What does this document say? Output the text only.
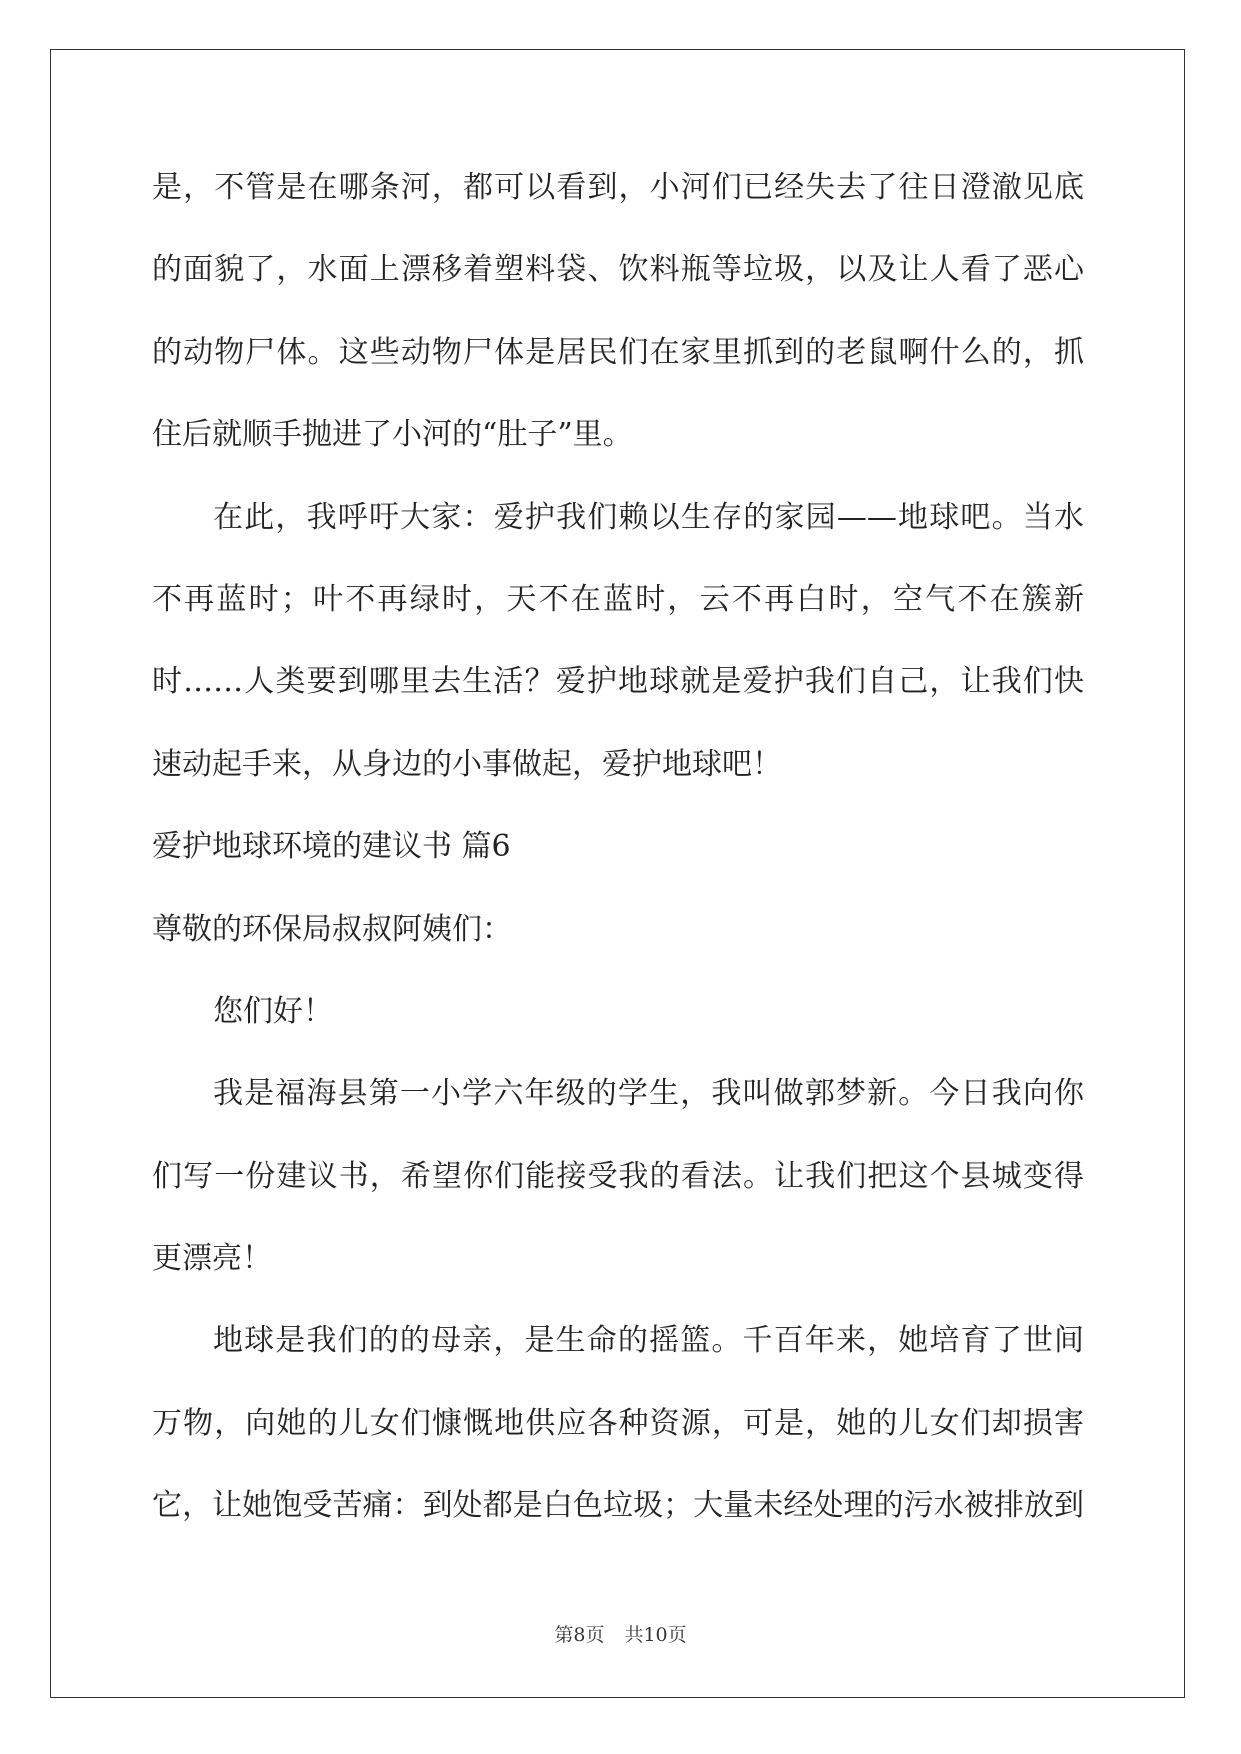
是，不管是在哪条河，都可以看到，小河们已经失去了往日澄澈见底
的面貌了，水面上漂移着塑料袋、饮料瓶等垃圾，以及让人看了恶心
的动物尸体。这些动物尸体是居民们在家里抓到的老鼠啊什么的，抓
住后就顺手抛进了小河的“肚子”里。
在此，我呼吁大家：爱护我们赖以生存的家园——地球吧。当水
不再蓝时；叶不再绿时，天不在蓝时，云不再白时，空气不在簇新
时……人类要到哪里去生活？爱护地球就是爱护我们自己，让我们快
速动起手来，从身边的小事做起，爱护地球吧！
爱护地球环境的建议书 篇6
尊敬的环保局叔叔阿姨们：
您们好！
我是福海县第一小学六年级的学生，我叫做郭梦新。今日我向你
们写一份建议书，希望你们能接受我的看法。让我们把这个县城变得
更漂亮！
地球是我们的的母亲，是生命的摇篮。千百年来，她培育了世间
万物，向她的儿女们慷慨地供应各种资源，可是，她的儿女们却损害
它，让她饱受苦痛：到处都是白色垃圾；大量未经处理的污水被排放到
第8页 共10页
